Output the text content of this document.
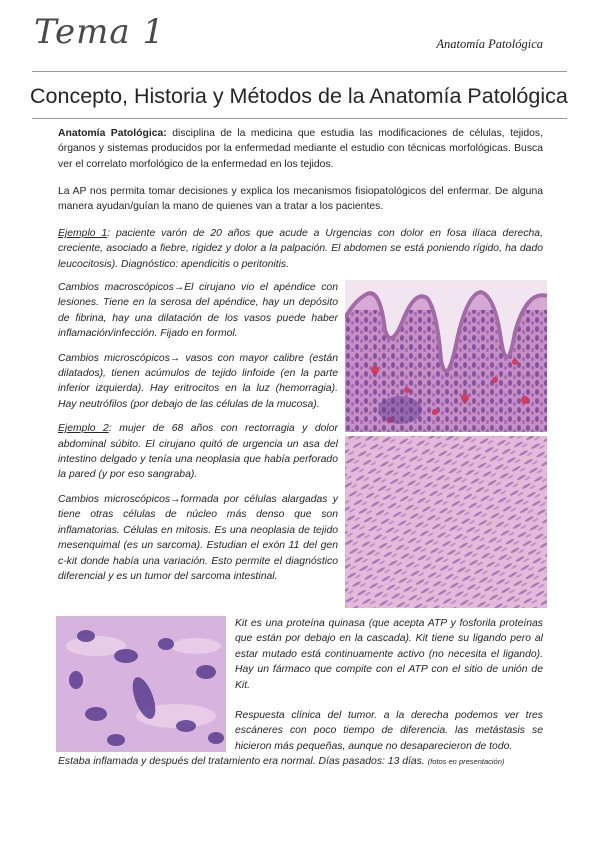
Tema 1	Anatomía Patológica
Concepto, Historia y Métodos de la Anatomía Patológica

Anatomía Patológica: disciplina de la medicina que estudia las modificaciones de células, tejidos, órganos y sistemas producidos por la enfermedad mediante el estudio con técnicas morfológicas. Busca ver el correlato morfológico de la enfermedad en los tejidos.

La AP nos permita tomar decisiones y explica los mecanismos fisiopatológicos del enfermar. De alguna manera ayudan/guían la mano de quienes van a tratar a los pacientes.

Ejemplo 1: paciente varón de 20 años que acude a Urgencias con dolor en fosa ilíaca derecha, creciente, asociado a fiebre, rigidez y dolor a la palpación. El abdomen se está poniendo rígido, ha dado leucocitosis). Diagnóstico: apendicitis o peritonitis.

Cambios macroscópicos→El cirujano vio el apéndice con lesiones. Tiene en la serosa del apéndice, hay un depósito de fibrina, hay una dilatación de los vasos puede haber inflamación/infección. Fijado en formol.

Cambios microscópicos→ vasos con mayor calibre (están dilatados), tienen acúmulos de tejido linfoide (en la parte inferior izquierda). Hay eritrocitos en la luz (hemorragia). Hay neutrófilos (por debajo de las células de la mucosa).

Ejemplo 2: mujer de 68 años con rectorragia y dolor abdominal súbito. El cirujano quitó de urgencia un asa del intestino delgado y tenía una neoplasia que había perforado la pared (y por eso sangraba).

Cambios microscópicos→formada por células alargadas y tiene otras células de núcleo más denso que son inflamatorias. Células en mitosis. Es una neoplasia de tejido mesenquimal (es un sarcoma). Estudian el exón 11 del gen c-kit donde había una variación. Esto permite el diagnóstico diferencial y es un tumor del sarcoma intestinal.

Kit es una proteína quinasa (que acepta ATP y fosforila proteínas que están por debajo en la cascada). Kit tiene su ligando pero al estar mutado está continuamente activo (no necesita el ligando). Hay un fármaco que compite con el ATP con el sitio de unión de Kit.

Respuesta clínica del tumor. a la derecha podemos ver tres escáneres con poco tiempo de diferencia. las metástasis se hicieron más pequeñas, aunque no desaparecieron de todo.

Estaba inflamada y después del tratamiento era normal. Días pasados: 13 días. (fotos en presentación)
